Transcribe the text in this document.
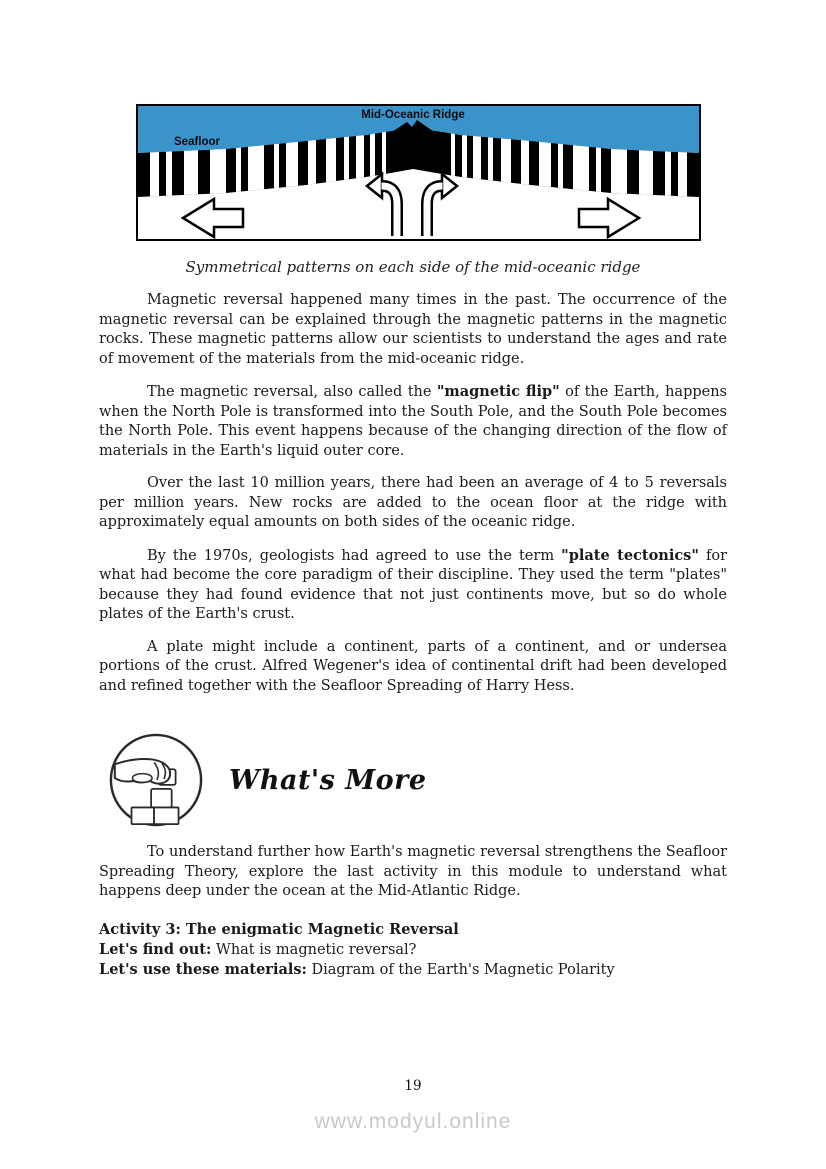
Seafloor
Mid-Oceanic Ridge
Symmetrical patterns on each side of the mid-oceanic ridge

Magnetic reversal happened many times in the past. The occurrence of the magnetic reversal can be explained through the magnetic patterns in the magnetic rocks. These magnetic patterns allow our scientists to understand the ages and rate of movement of the materials from the mid-oceanic ridge.

The magnetic reversal, also called the "magnetic flip" of the Earth, happens when the North Pole is transformed into the South Pole, and the South Pole becomes the North Pole. This event happens because of the changing direction of the flow of materials in the Earth's liquid outer core.

Over the last 10 million years, there had been an average of 4 to 5 reversals per million years. New rocks are added to the ocean floor at the ridge with approximately equal amounts on both sides of the oceanic ridge.

By the 1970s, geologists had agreed to use the term "plate tectonics" for what had become the core paradigm of their discipline. They used the term "plates" because they had found evidence that not just continents move, but so do whole plates of the Earth's crust.

A plate might include a continent, parts of a continent, and or undersea portions of the crust. Alfred Wegener's idea of continental drift had been developed and refined together with the Seafloor Spreading of Harry Hess.

What's More

To understand further how Earth's magnetic reversal strengthens the Seafloor Spreading Theory, explore the last activity in this module to understand what happens deep under the ocean at the Mid-Atlantic Ridge.

Activity 3: The enigmatic Magnetic Reversal

Let's find out: What is magnetic reversal?

Let's use these materials: Diagram of the Earth's Magnetic Polarity

19
www.modyul.online
